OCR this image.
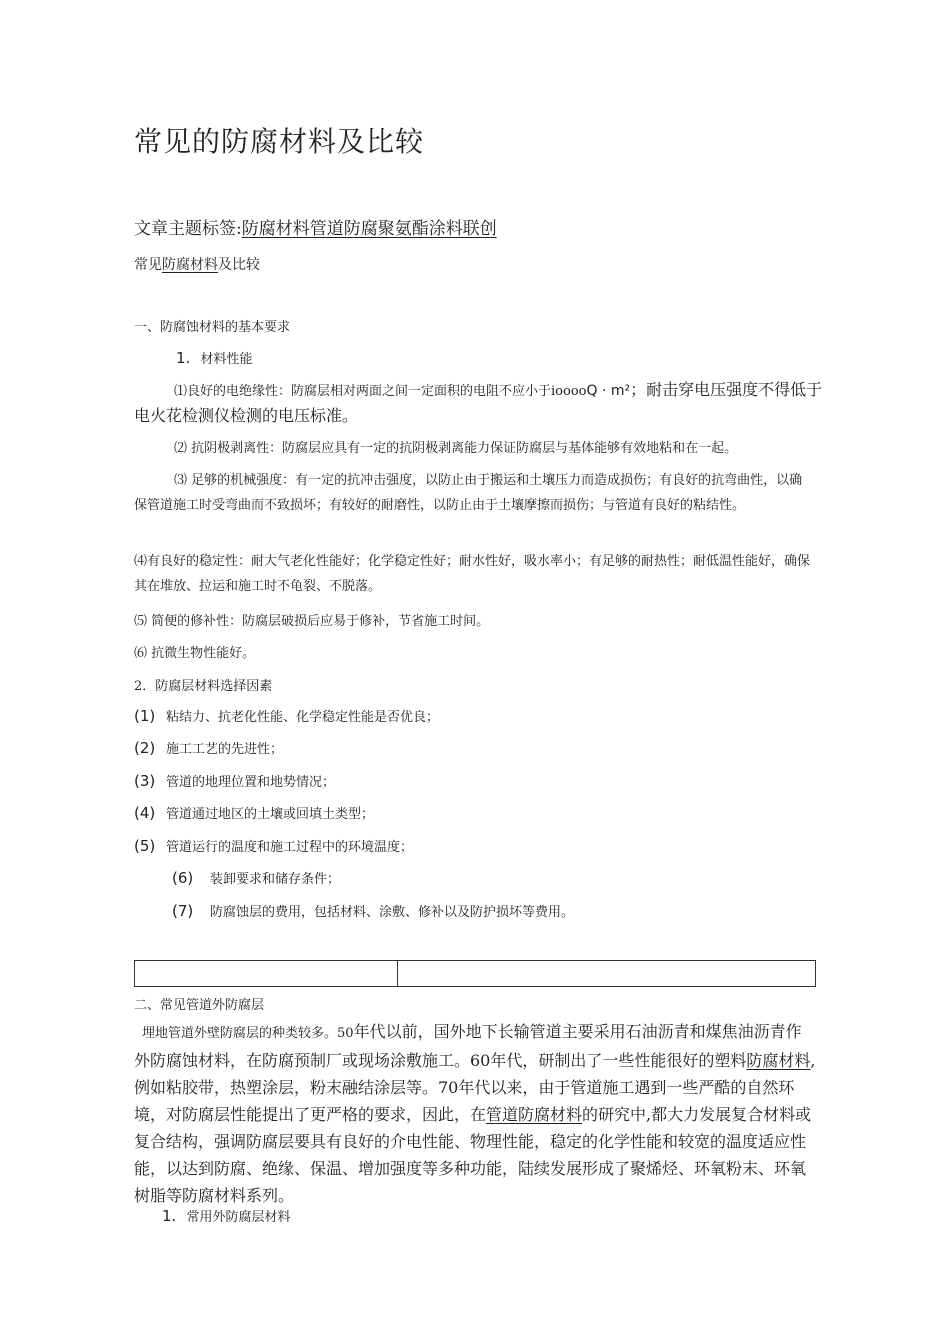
常见的防腐材料及比较
文章主题标签:防腐材料管道防腐聚氨酯涂料联创
常见防腐材料及比较
一、防腐蚀材料的基本要求
1. 材料性能
⑴良好的电绝缘性：防腐层相对两面之间一定面积的电阻不应小于iooooQ · m²；耐击穿电压强度不得低于电火花检测仪检测的电压标准。
⑵ 抗阴极剥离性：防腐层应具有一定的抗阴极剥离能力保证防腐层与基体能够有效地粘和在一起。
⑶ 足够的机械强度：有一定的抗冲击强度，以防止由于搬运和土壤压力而造成损伤；有良好的抗弯曲性，以确保管道施工时受弯曲而不致损坏；有较好的耐磨性，以防止由于土壤摩擦而损伤；与管道有良好的粘结性。
⑷有良好的稳定性：耐大气老化性能好；化学稳定性好；耐水性好，吸水率小；有足够的耐热性；耐低温性能好，确保其在堆放、拉运和施工时不龟裂、不脱落。
⑸ 简便的修补性：防腐层破损后应易于修补，节省施工时间。
⑹ 抗微生物性能好。
2．防腐层材料选择因素
(1) 粘结力、抗老化性能、化学稳定性能是否优良；
(2) 施工工艺的先进性；
(3) 管道的地理位置和地势情况；
(4) 管道通过地区的土壤或回填土类型；
(5) 管道运行的温度和施工过程中的环境温度；
(6) 装卸要求和储存条件；
(7) 防腐蚀层的费用，包括材料、涂敷、修补以及防护损坏等费用。

二、常见管道外防腐层
埋地管道外壁防腐层的种类较多。50年代以前，国外地下长输管道主要采用石油沥青和煤焦油沥青作外防腐蚀材料，在防腐预制厂或现场涂敷施工。60年代，研制出了一些性能很好的塑料防腐材料,例如粘胶带，热塑涂层，粉末融结涂层等。70年代以来，由于管道施工遇到一些严酷的自然环境，对防腐层性能提出了更严格的要求，因此，在管道防腐材料的研究中,都大力发展复合材料或复合结构，强调防腐层要具有良好的介电性能、物理性能，稳定的化学性能和较宽的温度适应性能，以达到防腐、绝缘、保温、增加强度等多种功能，陆续发展形成了聚烯烃、环氧粉末、环氧树脂等防腐材料系列。
1. 常用外防腐层材料
